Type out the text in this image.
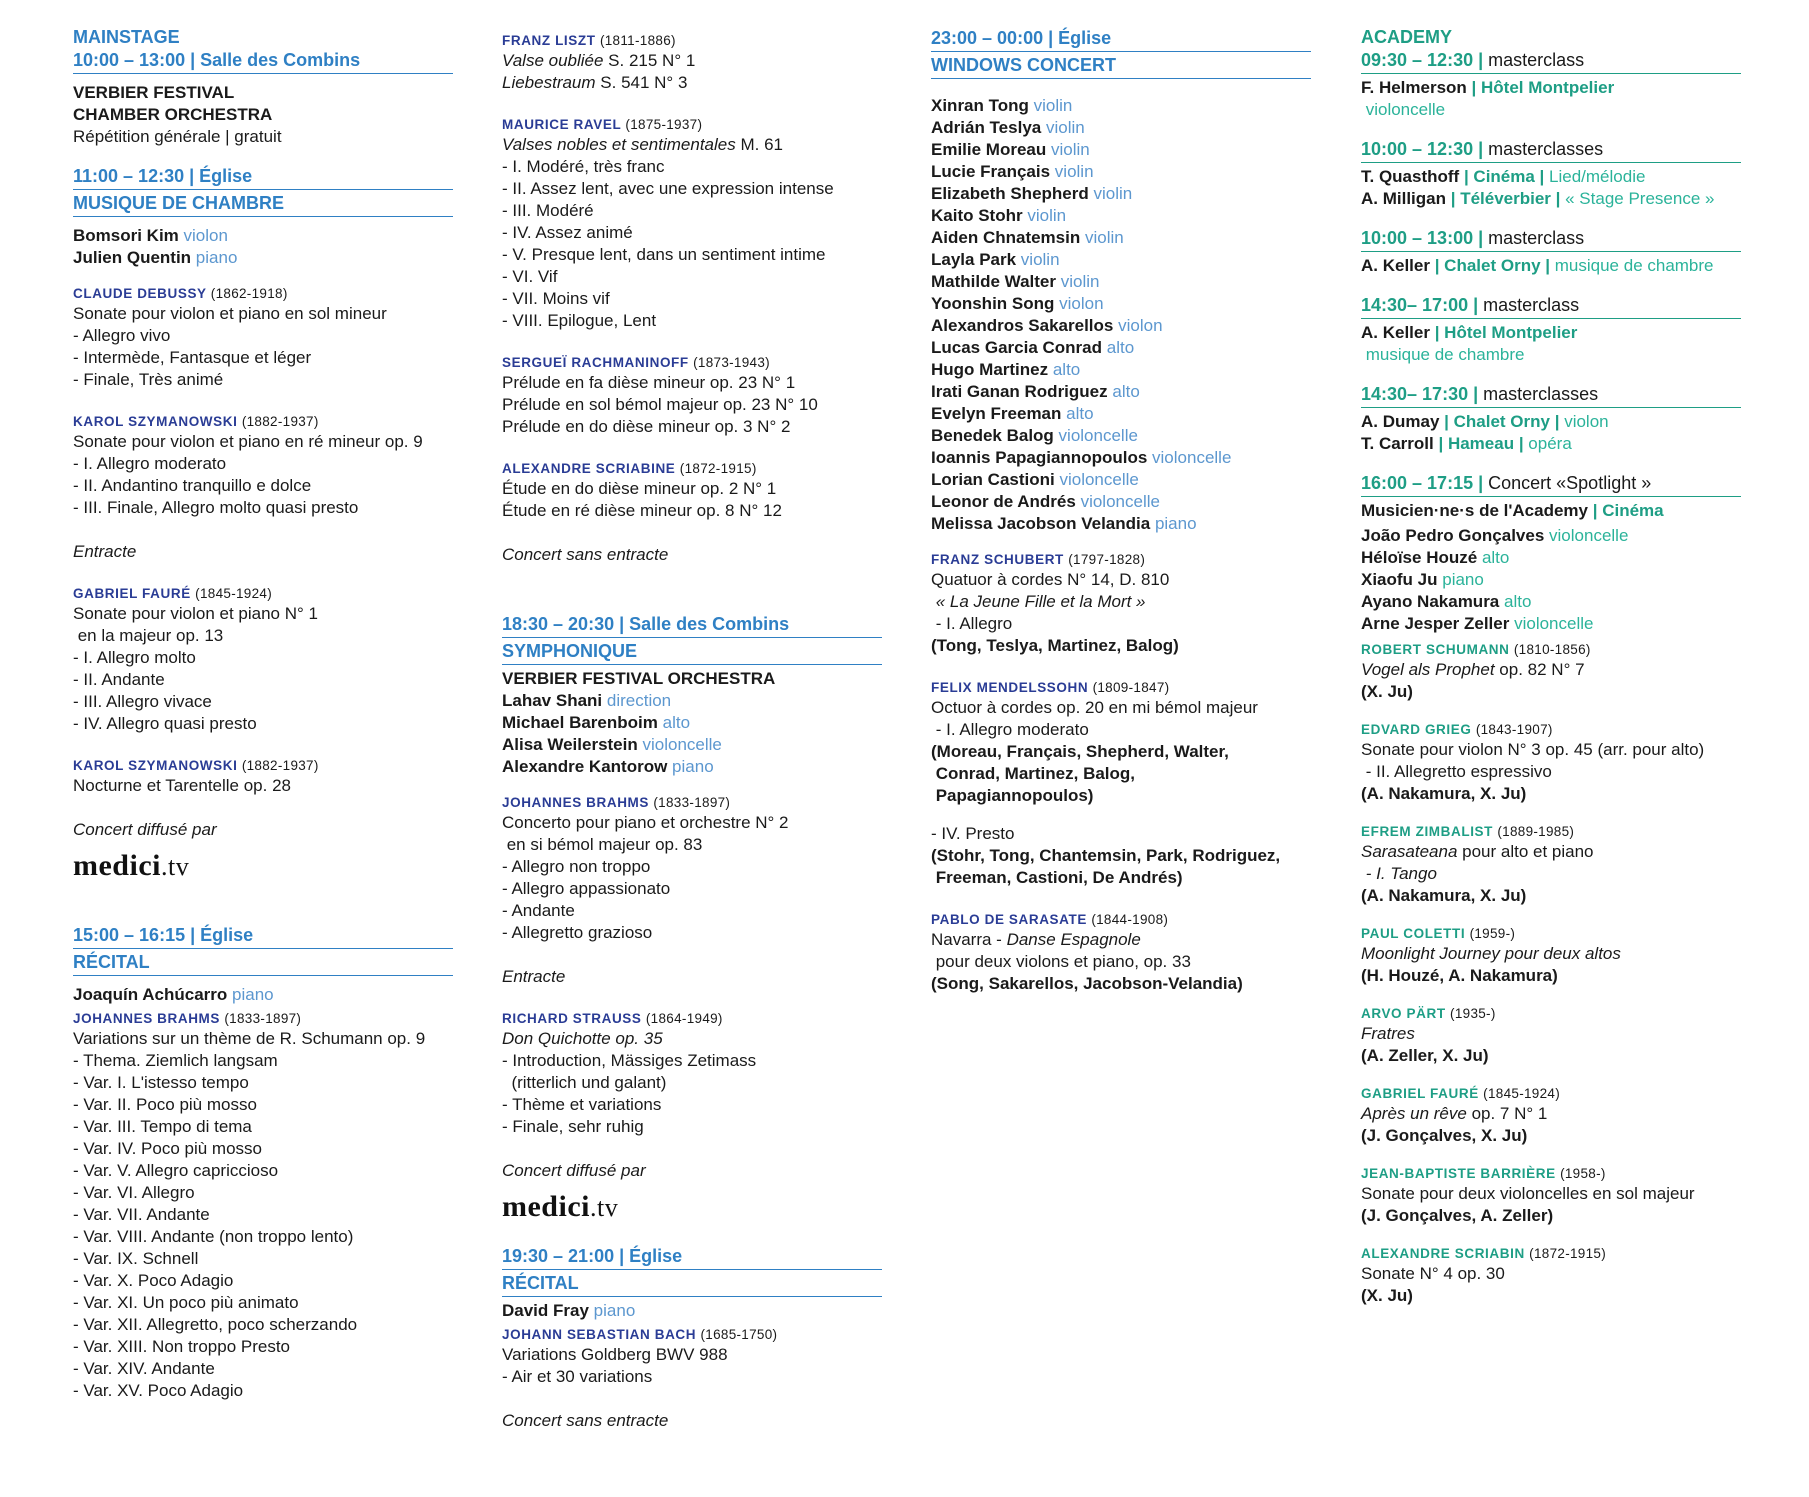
MAINSTAGE
10:00 – 13:00 | Salle des Combins
VERBIER FESTIVAL
CHAMBER ORCHESTRA
Répétition générale | gratuit
11:00 – 12:30 | Église
MUSIQUE DE CHAMBRE
Bomsori Kim violon
Julien Quentin piano
CLAUDE DEBUSSY (1862-1918)
Sonate pour violon et piano en sol mineur
- Allegro vivo
- Intermède, Fantasque et léger
- Finale, Très animé
KAROL SZYMANOWSKI (1882-1937)
Sonate pour violon et piano en ré mineur op. 9
- I. Allegro moderato
- II. Andantino tranquillo e dolce
- III. Finale, Allegro molto quasi presto
Entracte
GABRIEL FAURÉ (1845-1924)
Sonate pour violon et piano N° 1
en la majeur op. 13
- I. Allegro molto
- II. Andante
- III. Allegro vivace
- IV. Allegro quasi presto
KAROL SZYMANOWSKI (1882-1937)
Nocturne et Tarentelle op. 28
Concert diffusé par
medici.tv
15:00 – 16:15 | Église
RÉCITAL
Joaquín Achúcarro piano
JOHANNES BRAHMS (1833-1897)
Variations sur un thème de R. Schumann op. 9
- Thema. Ziemlich langsam
- Var. I. L'istesso tempo
- Var. II. Poco più mosso
- Var. III. Tempo di tema
- Var. IV. Poco più mosso
- Var. V. Allegro capriccioso
- Var. VI. Allegro
- Var. VII. Andante
- Var. VIII. Andante (non troppo lento)
- Var. IX. Schnell
- Var. X. Poco Adagio
- Var. XI. Un poco più animato
- Var. XII. Allegretto, poco scherzando
- Var. XIII. Non troppo Presto
- Var. XIV. Andante
- Var. XV. Poco Adagio
FRANZ LISZT (1811-1886)
Valse oubliée S. 215 N° 1
Liebestraum S. 541 N° 3
MAURICE RAVEL (1875-1937)
Valses nobles et sentimentales M. 61
- I. Modéré, très franc
- II. Assez lent, avec une expression intense
- III. Modéré
- IV. Assez animé
- V. Presque lent, dans un sentiment intime
- VI. Vif
- VII. Moins vif
- VIII. Epilogue, Lent
SERGUEÏ RACHMANINOFF (1873-1943)
Prélude en fa dièse mineur op. 23 N° 1
Prélude en sol bémol majeur op. 23 N° 10
Prélude en do dièse mineur op. 3 N° 2
ALEXANDRE SCRIABINE (1872-1915)
Étude en do dièse mineur op. 2 N° 1
Étude en ré dièse mineur op. 8 N° 12
Concert sans entracte
18:30 – 20:30 | Salle des Combins
SYMPHONIQUE
VERBIER FESTIVAL ORCHESTRA
Lahav Shani direction
Michael Barenboim alto
Alisa Weilerstein violoncelle
Alexandre Kantorow piano
JOHANNES BRAHMS (1833-1897)
Concerto pour piano et orchestre N° 2
en si bémol majeur op. 83
- Allegro non troppo
- Allegro appassionato
- Andante
- Allegretto grazioso
Entracte
RICHARD STRAUSS (1864-1949)
Don Quichotte op. 35
- Introduction, Mässiges Zetimass
(ritterlich und galant)
- Thème et variations
- Finale, sehr ruhig
Concert diffusé par
medici.tv
19:30 – 21:00 | Église
RÉCITAL
David Fray piano
JOHANN SEBASTIAN BACH (1685-1750)
Variations Goldberg BWV 988
- Air et 30 variations
Concert sans entracte
23:00 – 00:00 | Église
WINDOWS CONCERT
Xinran Tong violin
Adrián Teslya violin
Emilie Moreau violin
Lucie Français violin
Elizabeth Shepherd violin
Kaito Stohr violin
Aiden Chnatemsin violin
Layla Park violin
Mathilde Walter violin
Yoonshin Song violon
Alexandros Sakarellos violon
Lucas Garcia Conrad alto
Hugo Martinez alto
Irati Ganan Rodriguez alto
Evelyn Freeman alto
Benedek Balog violoncelle
Ioannis Papagiannopoulos violoncelle
Lorian Castioni violoncelle
Leonor de Andrés violoncelle
Melissa Jacobson Velandia piano
FRANZ SCHUBERT (1797-1828)
Quatuor à cordes N° 14, D. 810
« La Jeune Fille et la Mort »
- I. Allegro
(Tong, Teslya, Martinez, Balog)
FELIX MENDELSSOHN (1809-1847)
Octuor à cordes op. 20 en mi bémol majeur
- I. Allegro moderato
(Moreau, Français, Shepherd, Walter,
Conrad, Martinez, Balog,
Papagiannopoulos)
- IV. Presto
(Stohr, Tong, Chantemsin, Park, Rodriguez,
Freeman, Castioni, De Andrés)
PABLO DE SARASATE (1844-1908)
Navarra - Danse Espagnole
pour deux violons et piano, op. 33
(Song, Sakarellos, Jacobson-Velandia)
ACADEMY
09:30 – 12:30 | masterclass
F. Helmerson | Hôtel Montpelier
violoncelle
10:00 – 12:30 | masterclasses
T. Quasthoff | Cinéma | Lied/mélodie
A. Milligan | Téléverbier | « Stage Presence »
10:00 – 13:00 | masterclass
A. Keller | Chalet Orny | musique de chambre
14:30– 17:00 | masterclass
A. Keller | Hôtel Montpelier
musique de chambre
14:30– 17:30 | masterclasses
A. Dumay | Chalet Orny | violon
T. Carroll | Hameau | opéra
16:00 – 17:15 | Concert «Spotlight »
Musicien·ne·s de l'Academy | Cinéma
João Pedro Gonçalves violoncelle
Héloïse Houzé alto
Xiaofu Ju piano
Ayano Nakamura alto
Arne Jesper Zeller violoncelle
ROBERT SCHUMANN (1810-1856)
Vogel als Prophet op. 82 N° 7
(X. Ju)
EDVARD GRIEG (1843-1907)
Sonate pour violon N° 3 op. 45 (arr. pour alto)
- II. Allegretto espressivo
(A. Nakamura, X. Ju)
EFREM ZIMBALIST (1889-1985)
Sarasateana pour alto et piano
- I. Tango
(A. Nakamura, X. Ju)
PAUL COLETTI (1959-)
Moonlight Journey pour deux altos
(H. Houzé, A. Nakamura)
ARVO PÄRT (1935-)
Fratres
(A. Zeller, X. Ju)
GABRIEL FAURÉ (1845-1924)
Après un rêve op. 7 N° 1
(J. Gonçalves, X. Ju)
JEAN-BAPTISTE BARRIÈRE (1958-)
Sonate pour deux violoncelles en sol majeur
(J. Gonçalves, A. Zeller)
ALEXANDRE SCRIABIN (1872-1915)
Sonate N° 4 op. 30
(X. Ju)
